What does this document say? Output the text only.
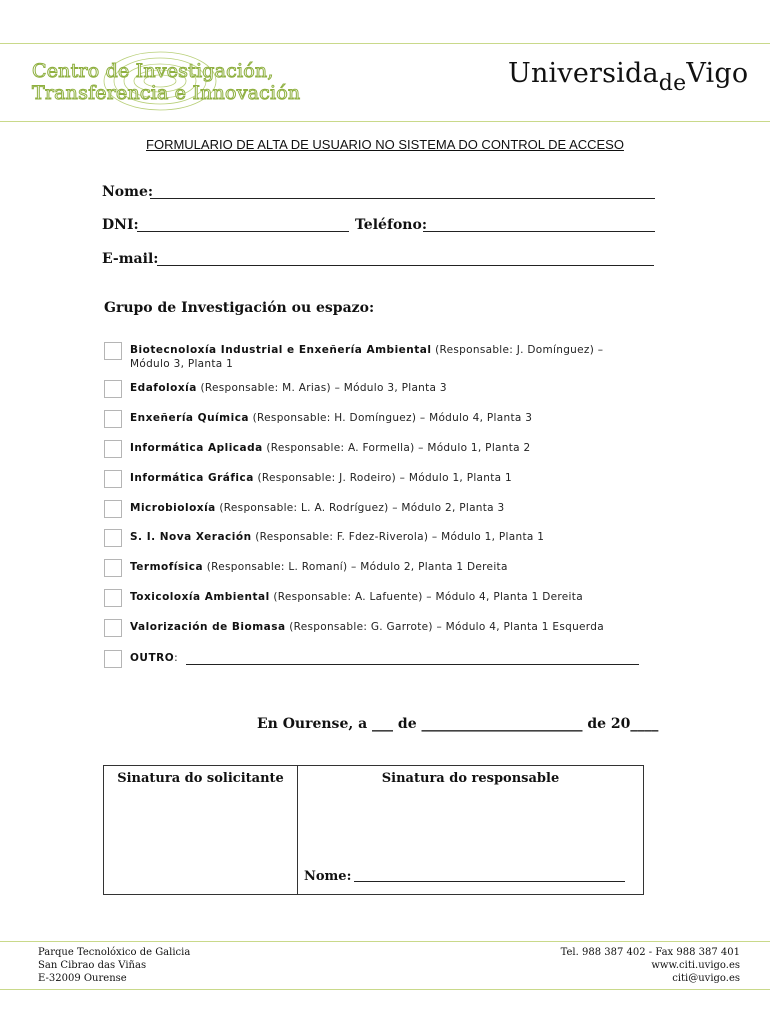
Centro de Investigación,
Transferencia e Innovación
Universida$_{de}$Vigo
FORMULARIO DE ALTA DE USUARIO NO SISTEMA DO CONTROL DE ACCESO
Nome:
DNI:	Teléfono:
E-mail:
Grupo de Investigación ou espazo:
Biotecnoloxía Industrial e Enxeñería Ambiental (Responsable: J. Domínguez) – Módulo 3, Planta 1
Edafoloxía (Responsable: M. Arias) – Módulo 3, Planta 3
Enxeñería Química (Responsable: H. Domínguez) – Módulo 4, Planta 3
Informática Aplicada (Responsable: A. Formella) – Módulo 1, Planta 2
Informática Gráfica (Responsable: J. Rodeiro) – Módulo 1, Planta 1
Microbioloxía (Responsable: L. A. Rodríguez) – Módulo 2, Planta 3
S. I. Nova Xeración (Responsable: F. Fdez-Riverola) – Módulo 1, Planta 1
Termofísica (Responsable: L. Romaní) – Módulo 2, Planta 1 Dereita
Toxicoloxía Ambiental (Responsable: A. Lafuente) – Módulo 4, Planta 1 Dereita
Valorización de Biomasa (Responsable: G. Garrote) – Módulo 4, Planta 1 Esquerda
OUTRO:
En Ourense, a ___ de _______________________ de 20____
Sinatura do solicitante	Sinatura do responsable
Nome:
Parque Tecnolóxico de Galicia
San Cibrao das Viñas
E-32009 Ourense
Tel. 988 387 402 - Fax 988 387 401
www.citi.uvigo.es
citi@uvigo.es
